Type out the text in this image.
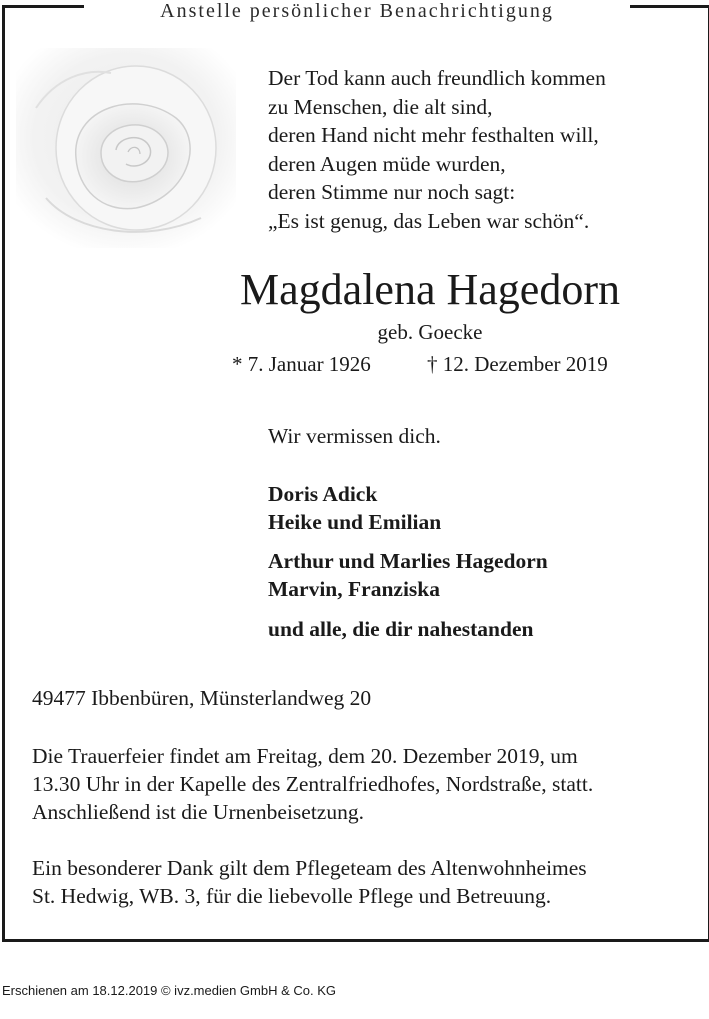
Anstelle persönlicher Benachrichtigung
Der Tod kann auch freundlich kommen
zu Menschen, die alt sind,
deren Hand nicht mehr festhalten will,
deren Augen müde wurden,
deren Stimme nur noch sagt:
„Es ist genug, das Leben war schön“.
Magdalena Hagedorn
geb. Goecke
* 7. Januar 1926	† 12. Dezember 2019
Wir vermissen dich.
Doris Adick
Heike und Emilian
Arthur und Marlies Hagedorn
Marvin, Franziska
und alle, die dir nahestanden
49477 Ibbenbüren, Münsterlandweg 20
Die Trauerfeier findet am Freitag, dem 20. Dezember 2019, um
13.30 Uhr in der Kapelle des Zentralfriedhofes, Nordstraße, statt.
Anschließend ist die Urnenbeisetzung.
Ein besonderer Dank gilt dem Pflegeteam des Altenwohnheimes
St. Hedwig, WB. 3, für die liebevolle Pflege und Betreuung.
Erschienen am 18.12.2019 © ivz.medien GmbH & Co. KG
